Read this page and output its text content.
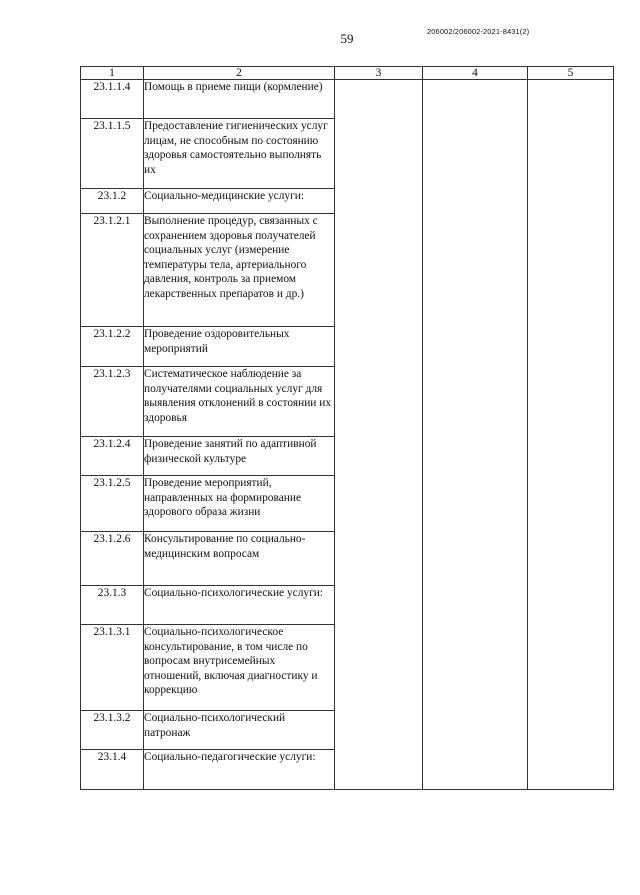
59	206002/206002-2021-8431(2)
1	2	3	4	5
23.1.1.4	Помощь в приеме пищи (кормление)			
23.1.1.5	Предоставление гигиенических услуг лицам, не способным по состоянию здоровья самостоятельно выполнять их			
23.1.2	Социально-медицинские услуги:			
23.1.2.1	Выполнение процедур, связанных с сохранением здоровья получателей социальных услуг (измерение температуры тела, артериального давления, контроль за приемом лекарственных препаратов и др.)			
23.1.2.2	Проведение оздоровительных мероприятий			
23.1.2.3	Систематическое наблюдение за получателями социальных услуг для выявления отклонений в состоянии их здоровья			
23.1.2.4	Проведение занятий по адаптивной физической культуре			
23.1.2.5	Проведение мероприятий, направленных на формирование здорового образа жизни			
23.1.2.6	Консультирование по социально-медицинским вопросам			
23.1.3	Социально-психологические услуги:			
23.1.3.1	Социально-психологическое консультирование, в том числе по вопросам внутрисемейных отношений, включая диагностику и коррекцию			
23.1.3.2	Социально-психологический патронаж			
23.1.4	Социально-педагогические услуги:			
